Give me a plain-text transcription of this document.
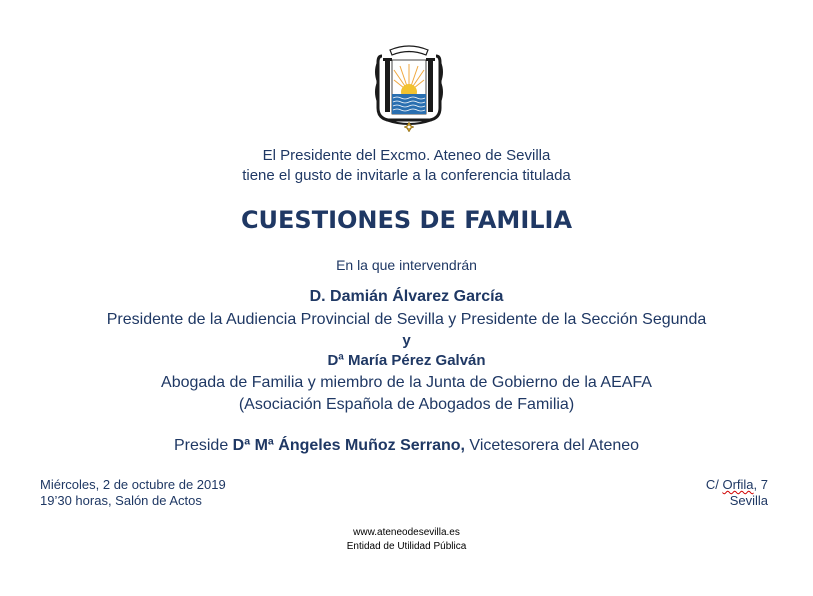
·····
El Presidente del Excmo. Ateneo de Sevilla
tiene el gusto de invitarle a la conferencia titulada
CUESTIONES DE FAMILIA
En la que intervendrán
D. Damián Álvarez García
Presidente de la Audiencia Provincial de Sevilla y Presidente de la Sección Segunda
y
Dª María Pérez Galván
Abogada de Familia y miembro de la Junta de Gobierno de la AEAFA
(Asociación Española de Abogados de Familia)
Preside Dª Mª Ángeles Muñoz Serrano, Vicetesorera del Ateneo
Miércoles, 2 de octubre de 2019
19’30 horas, Salón de Actos
C/ Orfila, 7
Sevilla
www.ateneodesevilla.es
Entidad de Utilidad Pública
